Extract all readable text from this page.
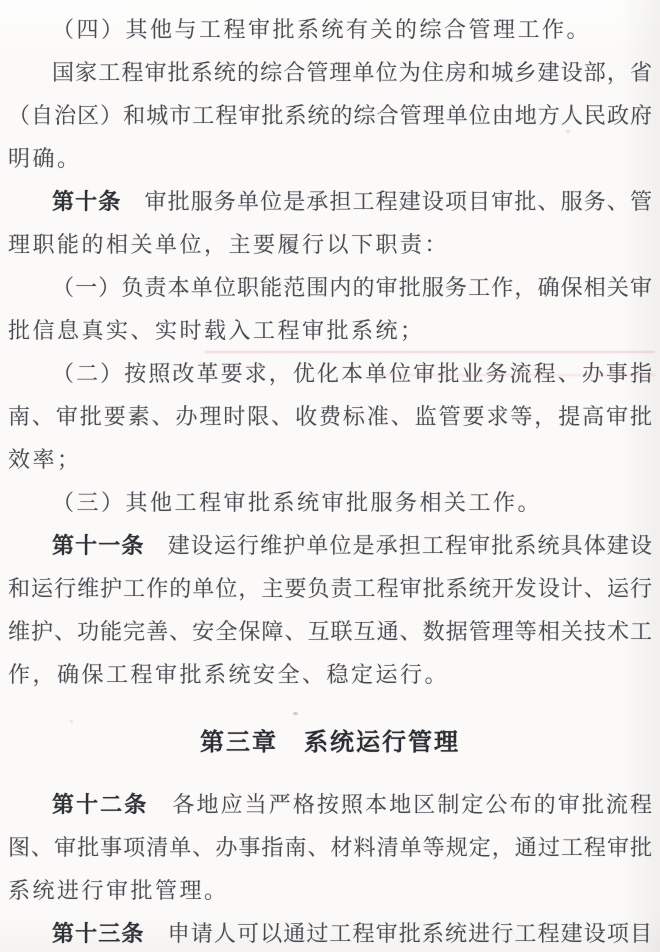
（四）其他与工程审批系统有关的综合管理工作。
国家工程审批系统的综合管理单位为住房和城乡建设部，省
（自治区）和城市工程审批系统的综合管理单位由地方人民政府
明确。
第十条　审批服务单位是承担工程建设项目审批、服务、管
理职能的相关单位，主要履行以下职责：
（一）负责本单位职能范围内的审批服务工作，确保相关审
批信息真实、实时载入工程审批系统；
（二）按照改革要求，优化本单位审批业务流程、办事指
南、审批要素、办理时限、收费标准、监管要求等，提高审批
效率；
（三）其他工程审批系统审批服务相关工作。
第十一条　建设运行维护单位是承担工程审批系统具体建设
和运行维护工作的单位，主要负责工程审批系统开发设计、运行
维护、功能完善、安全保障、互联互通、数据管理等相关技术工
作，确保工程审批系统安全、稳定运行。
第三章　系统运行管理
第十二条　各地应当严格按照本地区制定公布的审批流程
图、审批事项清单、办事指南、材料清单等规定，通过工程审批
系统进行审批管理。
第十三条　申请人可以通过工程审批系统进行工程建设项目
